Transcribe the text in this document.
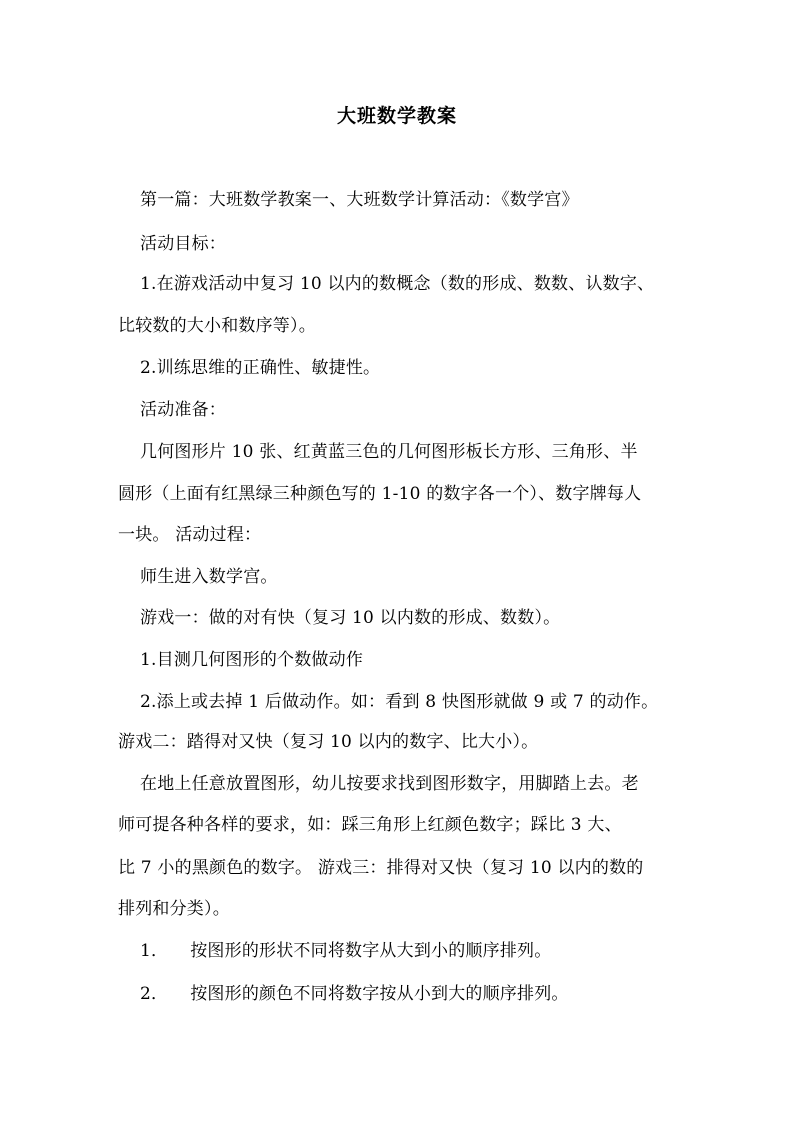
大班数学教案
第一篇：大班数学教案一、大班数学计算活动：《数学宫》
活动目标：
1.在游戏活动中复习 10 以内的数概念（数的形成、数数、认数字、
比较数的大小和数序等）。
2.训练思维的正确性、敏捷性。
活动准备：
几何图形片 10 张、红黄蓝三色的几何图形板长方形、三角形、半
圆形（上面有红黑绿三种颜色写的 1-10 的数字各一个）、数字牌每人
一块。 活动过程：
师生进入数学宫。
游戏一：做的对有快（复习 10 以内数的形成、数数）。
1.目测几何图形的个数做动作
2.添上或去掉 1 后做动作。如：看到 8 快图形就做 9 或 7 的动作。
游戏二：踏得对又快（复习 10 以内的数字、比大小）。
在地上任意放置图形，幼儿按要求找到图形数字，用脚踏上去。老
师可提各种各样的要求，如：踩三角形上红颜色数字；踩比 3 大、
比 7 小的黑颜色的数字。 游戏三：排得对又快（复习 10 以内的数的
排列和分类）。
1． 按图形的形状不同将数字从大到小的顺序排列。
2． 按图形的颜色不同将数字按从小到大的顺序排列。
